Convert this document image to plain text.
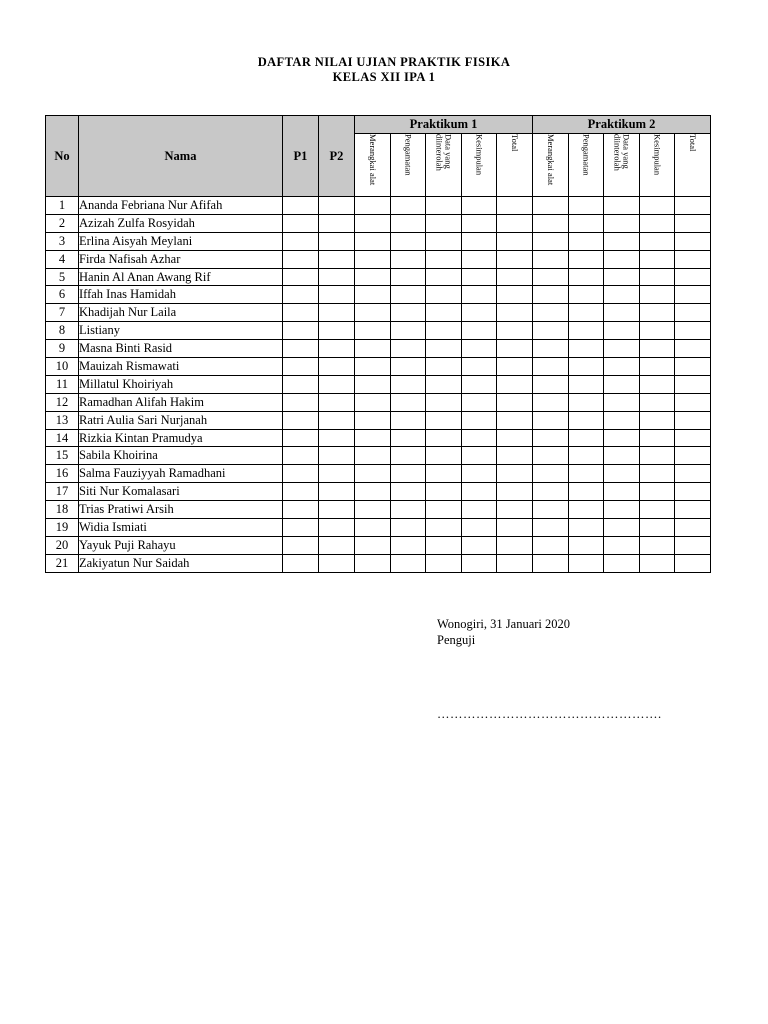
DAFTAR NILAI UJIAN PRAKTIK FISIKA
KELAS XII IPA 1
No	Nama	P1	P2	Praktikum 1					Praktikum 2				
				Merangkai alat	Pengamatan	Data yang diinterolah	Kesimpulan	Total	Merangkai alat	Pengamatan	Data yang diinterolah	Kesimpulan	Total
1	Ananda Febriana Nur Afifah												
2	Azizah Zulfa Rosyidah												
3	Erlina Aisyah Meylani												
4	Firda Nafisah Azhar												
5	Hanin Al Anan Awang Rif												
6	Iffah Inas Hamidah												
7	Khadijah Nur Laila												
8	Listiany												
9	Masna Binti Rasid												
10	Mauizah Rismawati												
11	Millatul Khoiriyah												
12	Ramadhan Alifah Hakim												
13	Ratri Aulia Sari Nurjanah												
14	Rizkia Kintan Pramudya												
15	Sabila Khoirina												
16	Salma Fauziyyah Ramadhani												
17	Siti Nur Komalasari												
18	Trias Pratiwi Arsih												
19	Widia Ismiati												
20	Yayuk Puji Rahayu												
21	Zakiyatun Nur Saidah												
Wonogiri, 31 Januari 2020
Penguji
…………………………………………….
